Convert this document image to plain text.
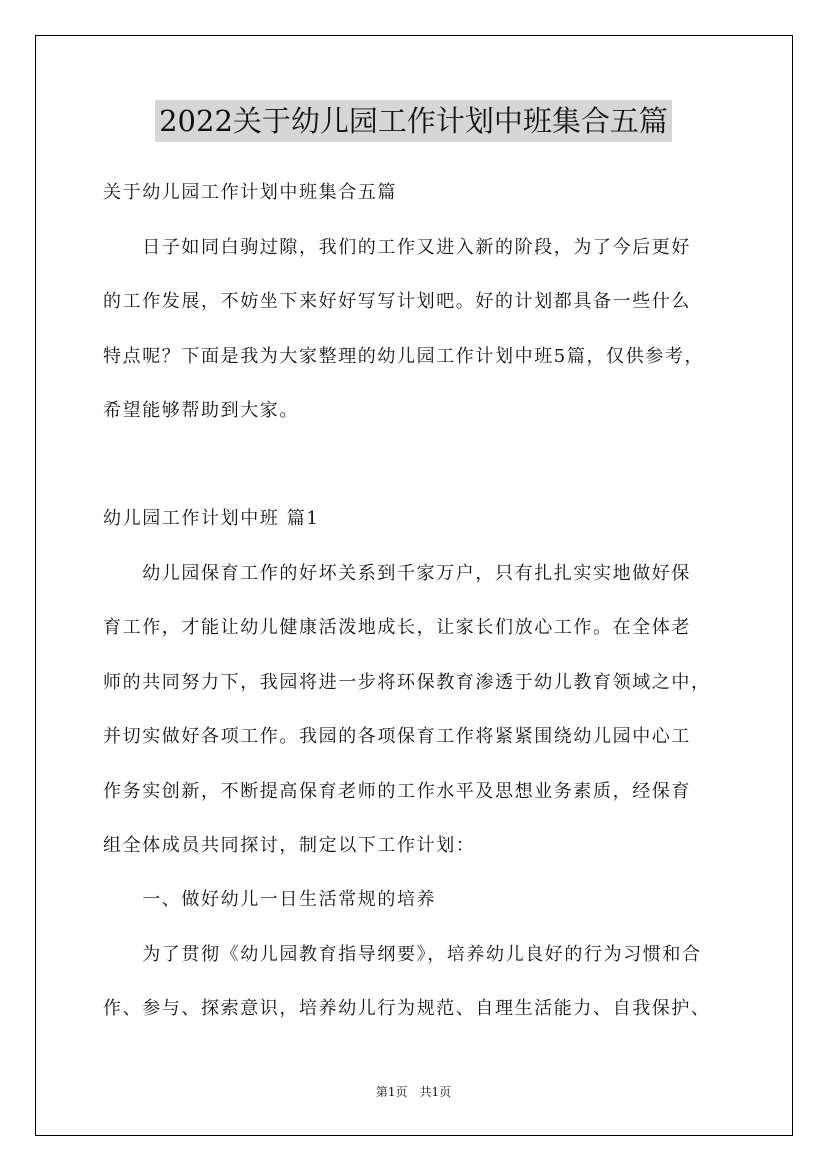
2022关于幼儿园工作计划中班集合五篇
关于幼儿园工作计划中班集合五篇
　　日子如同白驹过隙，我们的工作又进入新的阶段，为了今后更好
的工作发展，不妨坐下来好好写写计划吧。好的计划都具备一些什么
特点呢？下面是我为大家整理的幼儿园工作计划中班5篇，仅供参考，
希望能够帮助到大家。
幼儿园工作计划中班 篇1
　　幼儿园保育工作的好坏关系到千家万户，只有扎扎实实地做好保
育工作，才能让幼儿健康活泼地成长，让家长们放心工作。在全体老
师的共同努力下，我园将进一步将环保教育渗透于幼儿教育领域之中，
并切实做好各项工作。我园的各项保育工作将紧紧围绕幼儿园中心工
作务实创新，不断提高保育老师的工作水平及思想业务素质，经保育
组全体成员共同探讨，制定以下工作计划：
　　一、做好幼儿一日生活常规的培养
　　为了贯彻《幼儿园教育指导纲要》，培养幼儿良好的行为习惯和合
作、参与、探索意识，培养幼儿行为规范、自理生活能力、自我保护、
第1页　共1页
